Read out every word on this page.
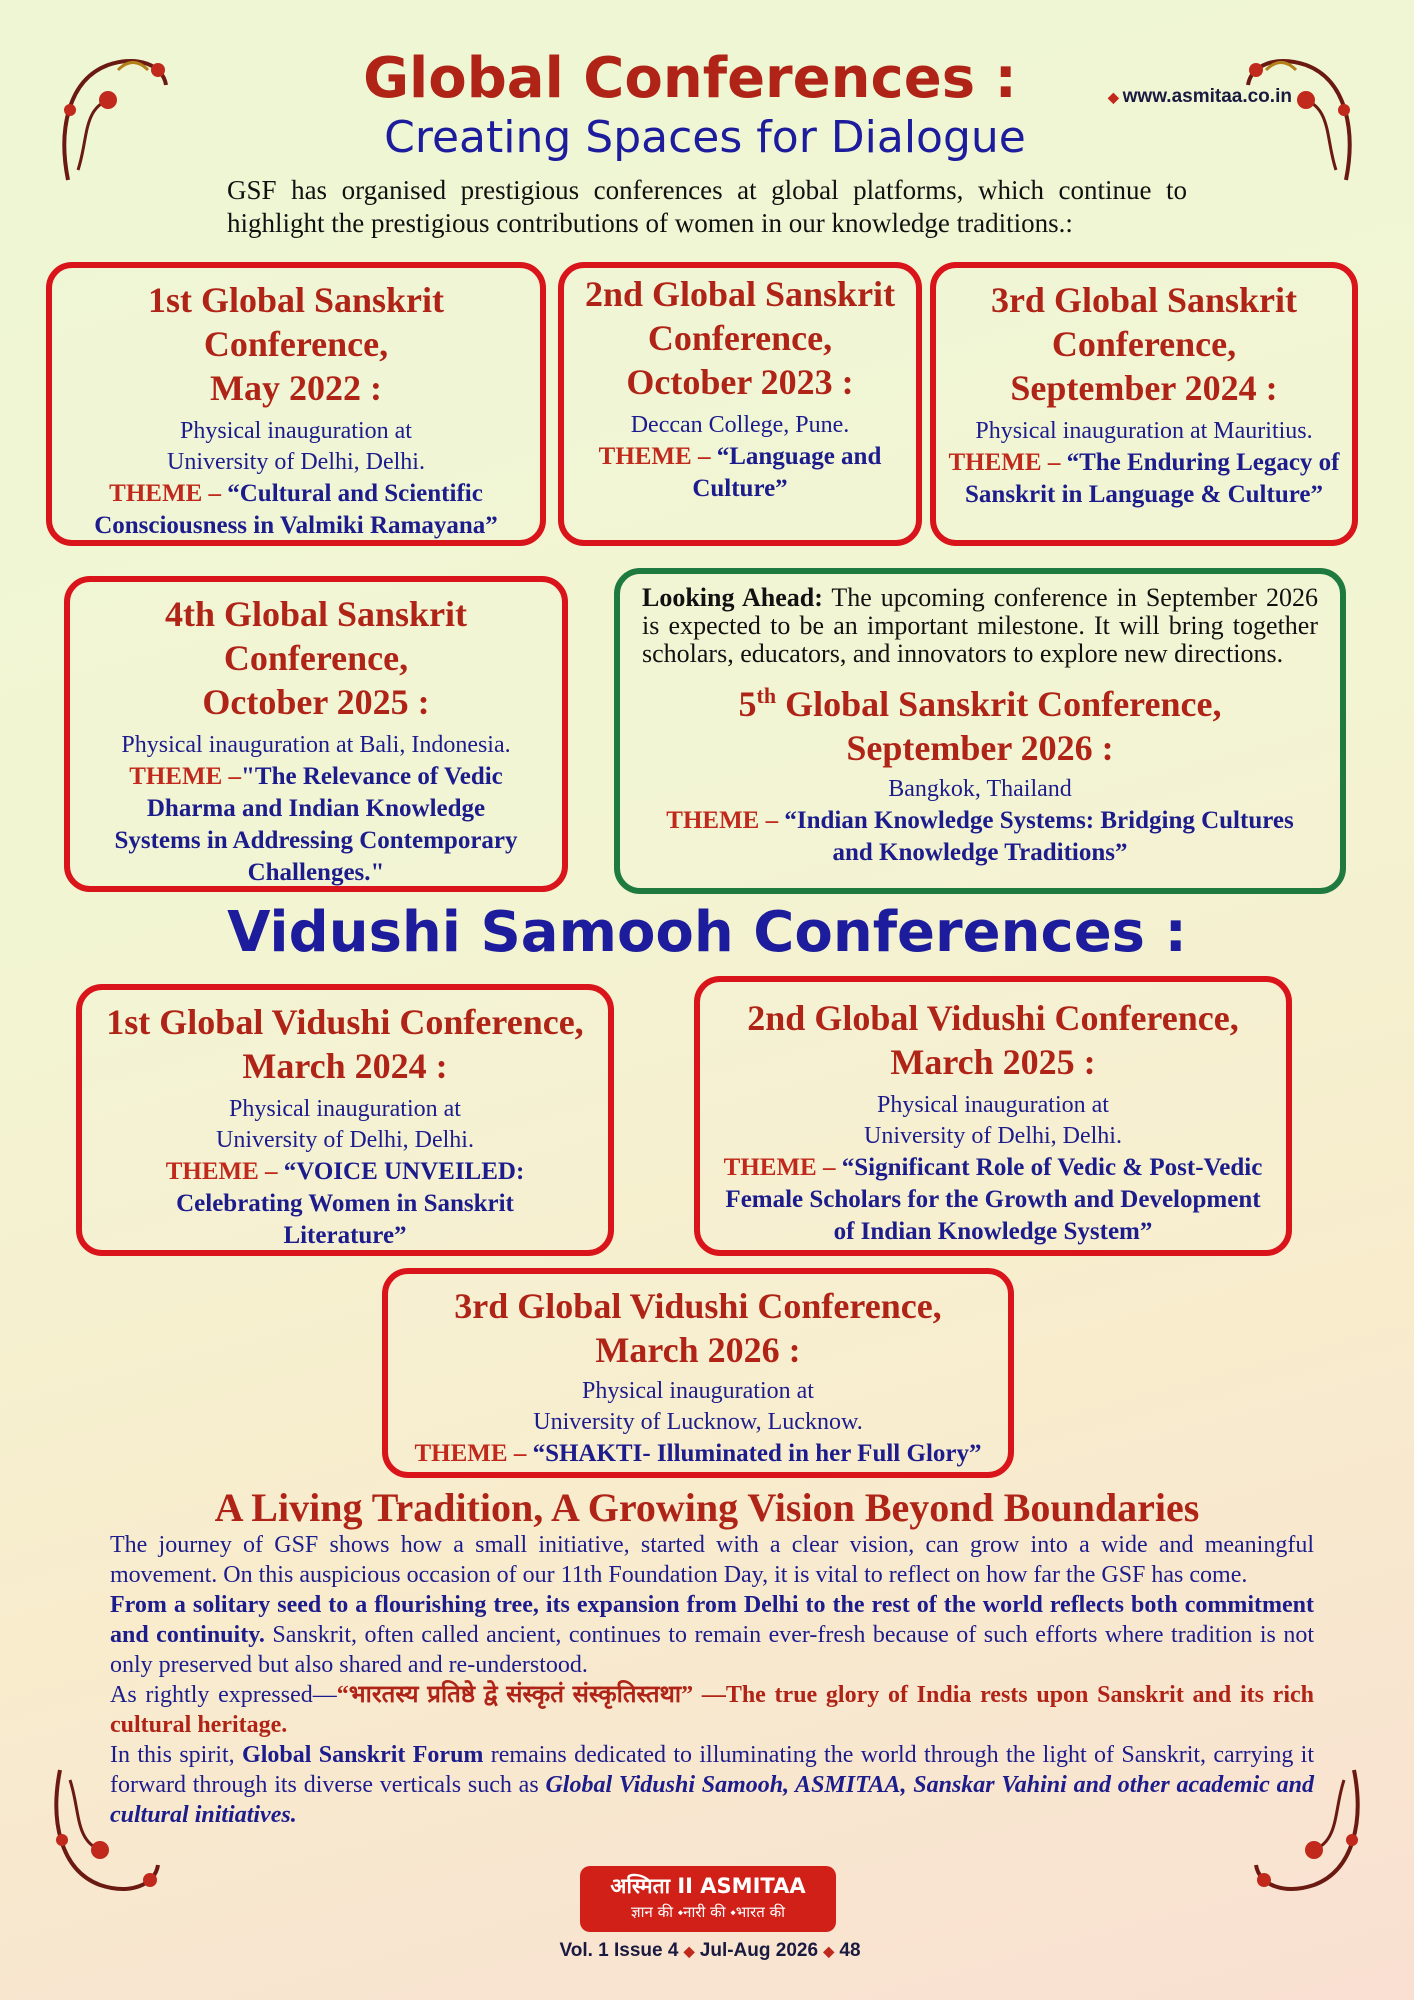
Global Conferences :	◆ www.asmitaa.co.in
Creating Spaces for Dialogue
GSF has organised prestigious conferences at global platforms, which continue to highlight the prestigious contributions of women in our knowledge traditions.:
1st Global Sanskrit Conference,
May 2022 :
Physical inauguration at
University of Delhi, Delhi.
THEME – “Cultural and Scientific Consciousness in Valmiki Ramayana”
2nd Global Sanskrit Conference,
October 2023 :
Deccan College, Pune.
THEME – “Language and Culture”
3rd Global Sanskrit Conference,
September 2024 :
Physical inauguration at Mauritius.
THEME – “The Enduring Legacy of Sanskrit in Language & Culture”
4th Global Sanskrit Conference,
October 2025 :
Physical inauguration at Bali, Indonesia.
THEME –"The Relevance of Vedic Dharma and Indian Knowledge Systems in Addressing Contemporary Challenges."
Looking Ahead: The upcoming conference in September 2026 is expected to be an important milestone. It will bring together scholars, educators, and innovators to explore new directions.
5th Global Sanskrit Conference,
September 2026 :
Bangkok, Thailand
THEME – “Indian Knowledge Systems: Bridging Cultures and Knowledge Traditions”
Vidushi Samooh Conferences :
1st Global Vidushi Conference,
March 2024 :
Physical inauguration at
University of Delhi, Delhi.
THEME – “VOICE UNVEILED: Celebrating Women in Sanskrit Literature”
2nd Global Vidushi Conference,
March 2025 :
Physical inauguration at
University of Delhi, Delhi.
THEME – “Significant Role of Vedic & Post-Vedic Female Scholars for the Growth and Development of Indian Knowledge System”
3rd Global Vidushi Conference,
March 2026 :
Physical inauguration at
University of Lucknow, Lucknow.
THEME – “SHAKTI- Illuminated in her Full Glory”
A Living Tradition, A Growing Vision Beyond Boundaries

The journey of GSF shows how a small initiative, started with a clear vision, can grow into a wide and meaningful movement. On this auspicious occasion of our 11th Foundation Day, it is vital to reflect on how far the GSF has come.

From a solitary seed to a flourishing tree, its expansion from Delhi to the rest of the world reflects both commitment and continuity. Sanskrit, often called ancient, continues to remain ever-fresh because of such efforts where tradition is not only preserved but also shared and re-understood.

As rightly expressed—“भारतस्य प्रतिष्ठे द्वे संस्कृतं संस्कृतिस्तथा” —The true glory of India rests upon Sanskrit and its rich cultural heritage.

In this spirit, Global Sanskrit Forum remains dedicated to illuminating the world through the light of Sanskrit, carrying it forward through its diverse verticals such as Global Vidushi Samooh, ASMITAA, Sanskar Vahini and other academic and cultural initiatives.

अस्मिता II ASMITAA
ज्ञान की ⬩नारी की ⬩भारत की
Vol. 1 Issue 4 ◆ Jul-Aug 2026 ◆ 48
